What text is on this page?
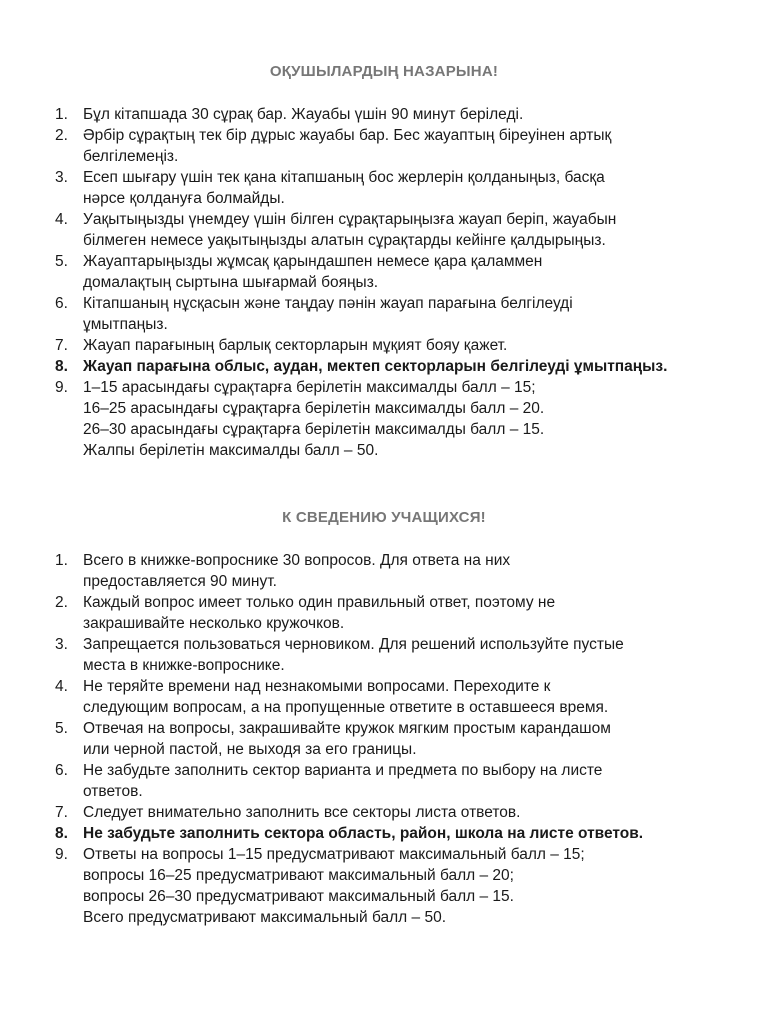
ОҚУШЫЛАРДЫҢ НАЗАРЫНА!
1. Бұл кітапшада 30 сұрақ бар. Жауабы үшін 90 минут беріледі.
2. Әрбір сұрақтың тек бір дұрыс жауабы бар. Бес жауаптың біреуінен артық
белгілемеңіз.
3. Есеп шығару үшін тек қана кітапшаның бос жерлерін қолданыңыз, басқа
нәрсе қолдануға болмайды.
4. Уақытыңызды үнемдеу үшін білген сұрақтарыңызға жауап беріп, жауабын
білмеген немесе уақытыңызды алатын сұрақтарды кейінге қалдырыңыз.
5. Жауаптарыңызды жұмсақ қарындашпен немесе қара қаламмен
домалақтың сыртына шығармай бояңыз.
6. Кітапшаның нұсқасын және таңдау пәнін жауап парағына белгілеуді
ұмытпаңыз.
7. Жауап парағының барлық секторларын мұқият бояу қажет.
8. Жауап парағына облыс, аудан, мектеп секторларын белгілеуді ұмытпаңыз.
9. 1–15 арасындағы сұрақтарға берілетін максималды балл – 15;
16–25 арасындағы сұрақтарға берілетін максималды балл – 20.
26–30 арасындағы сұрақтарға берілетін максималды балл – 15.
Жалпы берілетін максималды балл – 50.
К СВЕДЕНИЮ УЧАЩИХСЯ!
1. Всего в книжке-вопроснике 30 вопросов. Для ответа на них
предоставляется 90 минут.
2. Каждый вопрос имеет только один правильный ответ, поэтому не
закрашивайте несколько кружочков.
3. Запрещается пользоваться черновиком. Для решений используйте пустые
места в книжке-вопроснике.
4. Не теряйте времени над незнакомыми вопросами. Переходите к
следующим вопросам, а на пропущенные ответите в оставшееся время.
5. Отвечая на вопросы, закрашивайте кружок мягким простым карандашом
или черной пастой, не выходя за его границы.
6. Не забудьте заполнить сектор варианта и предмета по выбору на листе
ответов.
7. Следует внимательно заполнить все секторы листа ответов.
8. Не забудьте заполнить сектора область, район, школа на листе ответов.
9. Ответы на вопросы 1–15 предусматривают максимальный балл – 15;
вопросы 16–25 предусматривают максимальный балл – 20;
вопросы 26–30 предусматривают максимальный балл – 15.
Всего предусматривают максимальный балл – 50.
